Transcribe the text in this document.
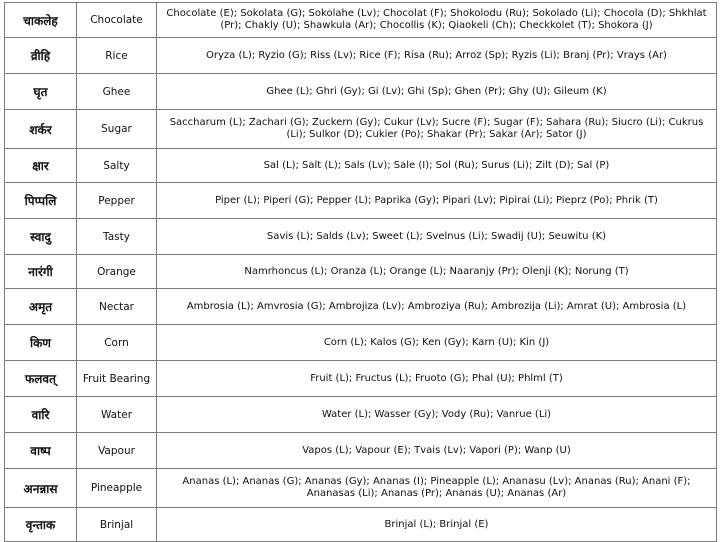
चाकलेह	Chocolate	Chocolate (E); Sokolata (G); Sokolahe (Lv); Chocolat (F); Shokolodu (Ru); Sokolado (Li); Chocola (D); Shkhlat (Pr); Chakly (U); Shawkula (Ar); Chocollis (K); Qiaokeli (Ch); Checkkolet (T); Shokora (J)
व्रीहि	Rice	Oryza (L); Ryzio (G); Riss (Lv); Rice (F); Risa (Ru); Arroz (Sp); Ryzis (Li); Branj (Pr); Vrays (Ar)
घृत	Ghee	Ghee (L); Ghri (Gy); Gi (Lv); Ghi (Sp); Ghen (Pr); Ghy (U); Gileum (K)
शर्कर	Sugar	Saccharum (L); Zachari (G); Zuckern (Gy); Cukur (Lv); Sucre (F); Sugar (F); Sahara (Ru); Siucro (Li); Cukrus (Li); Sulkor (D); Cukier (Po); Shakar (Pr); Sakar (Ar); Sator (J)
क्षार	Salty	Sal (L); Salt (L); Sals (Lv); Sale (I); Sol (Ru); Surus (Li); Zilt (D); Sal (P)
पिप्पलि	Pepper	Piper (L); Piperi (G); Pepper (L); Paprika (Gy); Pipari (Lv); Pipirai (Li); Pieprz (Po); Phrik (T)
स्वादु	Tasty	Savis (L); Salds (Lv); Sweet (L); Svelnus (Li); Swadij (U); Seuwitu (K)
नारंगी	Orange	Namrhoncus (L); Oranza (L); Orange (L); Naaranjy (Pr); Olenji (K); Norung (T)
अमृत	Nectar	Ambrosia (L); Amvrosia (G); Ambrojiza (Lv); Ambroziya (Ru); Ambrozija (Li); Amrat (U); Ambrosia (L)
किण	Corn	Corn (L); Kalos (G); Ken (Gy); Karn (U); Kin (J)
फलवत्	Fruit Bearing	Fruit (L); Fructus (L); Fruoto (G); Phal (U); Phlml (T)
वारि	Water	Water (L); Wasser (Gy); Vody (Ru); Vanrue (Li)
वाष्प	Vapour	Vapos (L); Vapour (E); Tvais (Lv); Vapori (P); Wanp (U)
अनन्नास	Pineapple	Ananas (L); Ananas (G); Ananas (Gy); Ananas (I); Pineapple (L); Ananasu (Lv); Ananas (Ru); Anani (F); Ananasas (Li); Ananas (Pr); Ananas (U); Ananas (Ar)
वृन्ताक	Brinjal	Brinjal (L); Brinjal (E)
